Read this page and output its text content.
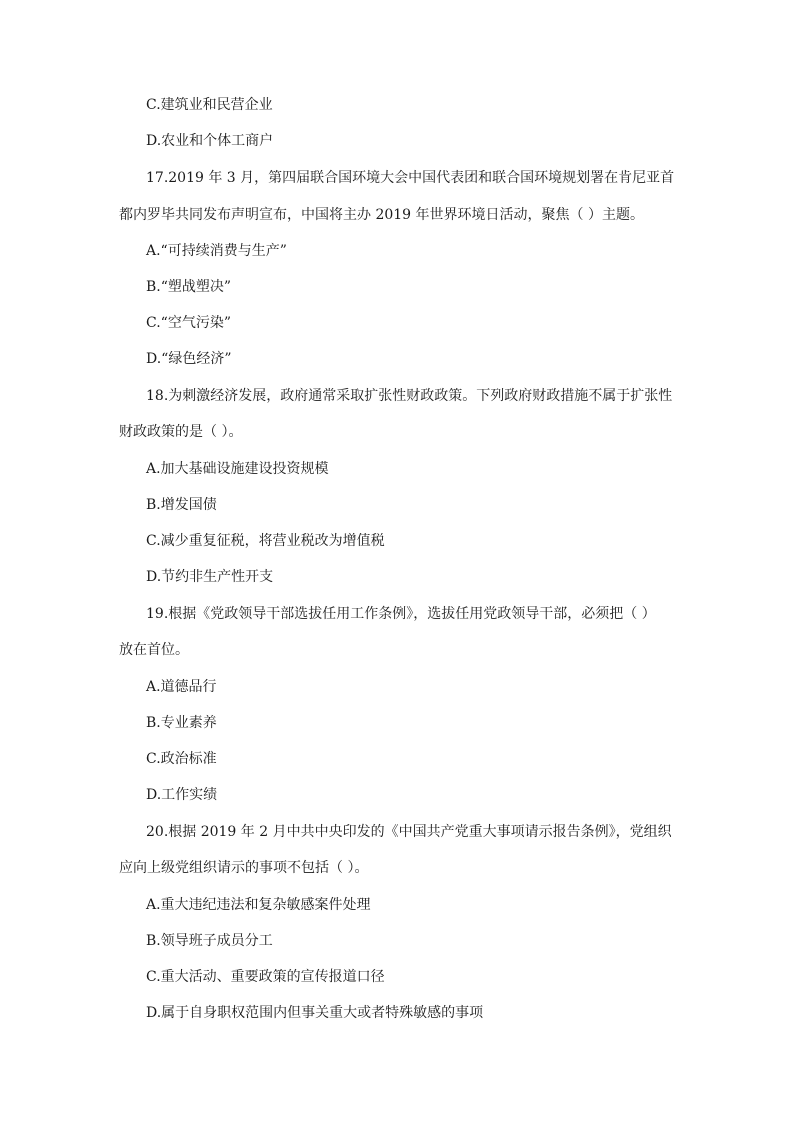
C.建筑业和民营企业
D.农业和个体工商户
17.2019 年 3 月，第四届联合国环境大会中国代表团和联合国环境规划署在肯尼亚首
都内罗毕共同发布声明宣布，中国将主办 2019 年世界环境日活动，聚焦（ ）主题。
A.“可持续消费与生产”
B.“塑战塑决”
C.“空气污染”
D.“绿色经济”
18.为刺激经济发展，政府通常采取扩张性财政政策。下列政府财政措施不属于扩张性
财政政策的是（ ）。
A.加大基础设施建设投资规模
B.增发国债
C.减少重复征税，将营业税改为增值税
D.节约非生产性开支
19.根据《党政领导干部选拔任用工作条例》，选拔任用党政领导干部，必须把（ ）
放在首位。
A.道德品行
B.专业素养
C.政治标准
D.工作实绩
20.根据 2019 年 2 月中共中央印发的《中国共产党重大事项请示报告条例》，党组织
应向上级党组织请示的事项不包括（ ）。
A.重大违纪违法和复杂敏感案件处理
B.领导班子成员分工
C.重大活动、重要政策的宣传报道口径
D.属于自身职权范围内但事关重大或者特殊敏感的事项
